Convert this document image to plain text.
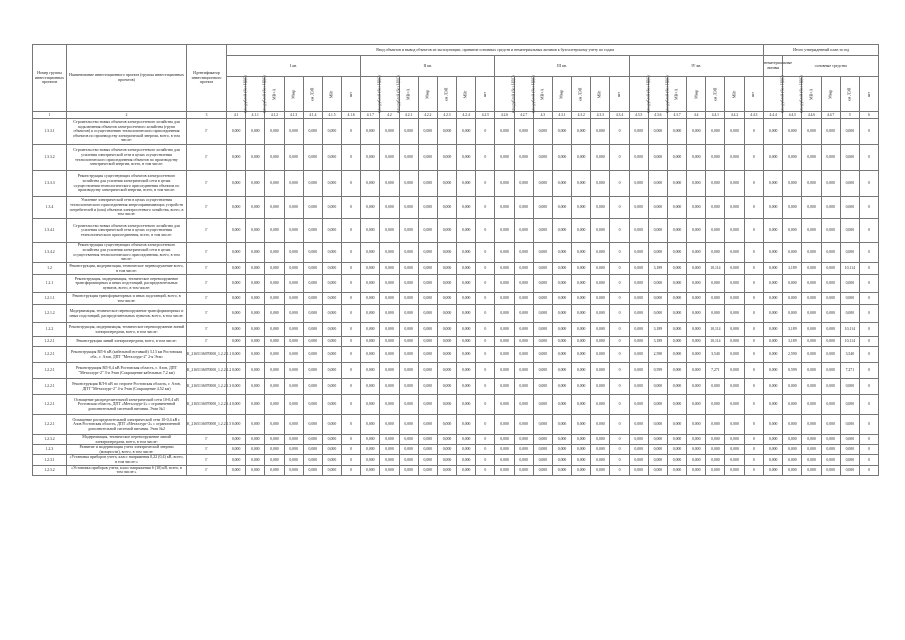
Номер группы инвестиционных проектов	Наименование инвестиционного проекта (группы инвестиционных проектов)	Идентификатор инвестиционного проекта	Ввод объектов и вывод объектов из эксплуатации, принятие основных средств и нематериальных активов к бухгалтерскому учету по годам																												Итого утвержденный план за год					
			I кв.							II кв.							III кв.							IV кв.							нематериальные активы	основные средства				
			млн рублей (без НДС)	млн рублей (без НДС)	МВ×А	Мвар	км ЛЭП	МВт	шт	млн рублей (без НДС)	млн рублей (без НДС)	МВ×А	Мвар	км ЛЭП	МВт	шт	млн рублей (без НДС)	млн рублей (без НДС)	МВ×А	Мвар	км ЛЭП	МВт	шт	млн рублей (без НДС)	млн рублей (без НДС)	МВ×А	Мвар	км ЛЭП	МВт	шт	млн рублей (без НДС)	млн рублей (без НДС)	МВ×А	Мвар	км ЛЭП	шт
1	2	3	4.1	4.1.1	4.1.2	4.1.3	4.1.4	4.1.5	4.1.6	4.1.7	4.2	4.2.1	4.2.2	4.2.3	4.2.4	4.2.5	4.2.6	4.2.7	4.3	4.3.1	4.3.2	4.3.3	4.3.4	4.3.5	4.3.6	4.3.7	4.4	4.4.1	4.4.2	4.4.3	4.4.4	4.4.5	4.4.6	4.4.7	5	6
1.3.3.1	Строительство новых объектов электросетевого хозяйства для подключения объектов электросетевого хозяйства (групп объектов) к осуществлению технологического присоединения объектов по производству электрической энергии, всего, в том числе:	Г	0,000	0,000	0,000	0,000	0,000	0,000	0	0,000	0,000	0,000	0,000	0,000	0,000	0	0,000	0,000	0,000	0,000	0,000	0,000	0	0,000	0,000	0,000	0,000	0,000	0,000	0	0,000	0,000	0,000	0,000	0,000	0
1.3.3.2	Строительство новых объектов электросетевого хозяйства для усиления электрической сети в целях осуществления технологического присоединения объектов по производству электрической энергии, всего, в том числе:	Г	0,000	0,000	0,000	0,000	0,000	0,000	0	0,000	0,000	0,000	0,000	0,000	0,000	0	0,000	0,000	0,000	0,000	0,000	0,000	0	0,000	0,000	0,000	0,000	0,000	0,000	0	0,000	0,000	0,000	0,000	0,000	0
1.3.3.3	Реконструкция существующих объектов электросетевого хозяйства для усиления электрической сети в целях осуществления технологического присоединения объектов по производству электрической энергии, всего, в том числе:	Г	0,000	0,000	0,000	0,000	0,000	0,000	0	0,000	0,000	0,000	0,000	0,000	0,000	0	0,000	0,000	0,000	0,000	0,000	0,000	0	0,000	0,000	0,000	0,000	0,000	0,000	0	0,000	0,000	0,000	0,000	0,000	0
1.3.4	Усиление электрической сети в целях осуществления технологического присоединения энергопринимающих устройств потребителей и (или) объектов электросетевого хозяйства, всего, в том числе:	Г	0,000	0,000	0,000	0,000	0,000	0,000	0	0,000	0,000	0,000	0,000	0,000	0,000	0	0,000	0,000	0,000	0,000	0,000	0,000	0	0,000	0,000	0,000	0,000	0,000	0,000	0	0,000	0,000	0,000	0,000	0,000	0
1.3.4.1	Строительство новых объектов электросетевого хозяйства для усиления электрической сети в целях осуществления технологического присоединения, всего, в том числе:	Г	0,000	0,000	0,000	0,000	0,000	0,000	0	0,000	0,000	0,000	0,000	0,000	0,000	0	0,000	0,000	0,000	0,000	0,000	0,000	0	0,000	0,000	0,000	0,000	0,000	0,000	0	0,000	0,000	0,000	0,000	0,000	0
1.3.4.2	Реконструкция существующих объектов электросетевого хозяйства для усиления электрической сети в целях осуществления технологического присоединения, всего, в том числе:	Г	0,000	0,000	0,000	0,000	0,000	0,000	0	0,000	0,000	0,000	0,000	0,000	0,000	0	0,000	0,000	0,000	0,000	0,000	0,000	0	0,000	0,000	0,000	0,000	0,000	0,000	0	0,000	0,000	0,000	0,000	0,000	0
1.2	Реконструкция, модернизация, техническое перевооружение всего, в том числе:	Г	0,000	0,000	0,000	0,000	0,000	0,000	0	0,000	0,000	0,000	0,000	0,000	0,000	0	0,000	0,000	0,000	0,000	0,000	0,000	0	0,000	3,189	0,000	0,000	10,114	0,000	0	0,000	3,189	0,000	0,000	10,114	0
1.2.1	Реконструкция, модернизация, техническое перевооружение трансформаторных и иных подстанций, распределительных пунктов, всего, в том числе:	Г	0,000	0,000	0,000	0,000	0,000	0,000	0	0,000	0,000	0,000	0,000	0,000	0,000	0	0,000	0,000	0,000	0,000	0,000	0,000	0	0,000	0,000	0,000	0,000	0,000	0,000	0	0,000	0,000	0,000	0,000	0,000	0
1.2.1.1	Реконструкция трансформаторных и иных подстанций, всего, в том числе:	Г	0,000	0,000	0,000	0,000	0,000	0,000	0	0,000	0,000	0,000	0,000	0,000	0,000	0	0,000	0,000	0,000	0,000	0,000	0,000	0	0,000	0,000	0,000	0,000	0,000	0,000	0	0,000	0,000	0,000	0,000	0,000	0
1.2.1.2	Модернизация, техническое перевооружение трансформаторных и иных подстанций, распределительных пунктов, всего, в том числе:	Г	0,000	0,000	0,000	0,000	0,000	0,000	0	0,000	0,000	0,000	0,000	0,000	0,000	0	0,000	0,000	0,000	0,000	0,000	0,000	0	0,000	0,000	0,000	0,000	0,000	0,000	0	0,000	0,000	0,000	0,000	0,000	0
1.2.2	Реконструкция, модернизация, техническое перевооружение линий электропередачи, всего, в том числе:	Г	0,000	0,000	0,000	0,000	0,000	0,000	0	0,000	0,000	0,000	0,000	0,000	0,000	0	0,000	0,000	0,000	0,000	0,000	0,000	0	0,000	3,189	0,000	0,000	10,114	0,000	0	0,000	3,189	0,000	0,000	10,114	0
1.2.2.1	Реконструкция линий электропередачи, всего, в том числе:	Г	0,000	0,000	0,000	0,000	0,000	0,000	0	0,000	0,000	0,000	0,000	0,000	0,000	0	0,000	0,000	0,000	0,000	0,000	0,000	0	0,000	3,189	0,000	0,000	10,114	0,000	0	0,000	3,189	0,000	0,000	10,114	0
1.2.2.1	Реконструкция ВЛ-6 кВ (кабельной вставкой) 3,13 км Ростовская обл., г. Азов, ДПТ "Металлург-2" 2-я Этап	К_2165136070000_1.2.2.1.1	0,000	0,000	0,000	0,000	0,000	0,000	0	0,000	0,000	0,000	0,000	0,000	0,000	0	0,000	0,000	0,000	0,000	0,000	0,000	0	0,000	2,590	0,000	0,000	3,540	0,000	0	0,000	2,590	0,000	0,000	3,540	0
1.2.2.1	Реконструкция ВЛ-0,4 кВ Ростовская область, г. Азов, ДПТ "Металлург-2" 3-я Этап (Сокращение кабельных 7,2 км)	К_2165136070000_1.2.2.1.2	0,000	0,000	0,000	0,000	0,000	0,000	0	0,000	0,000	0,000	0,000	0,000	0,000	0	0,000	0,000	0,000	0,000	0,000	0,000	0	0,000	0,599	0,000	0,000	7,271	0,000	0	0,000	0,599	0,000	0,000	7,271	0
1.2.2.1	Реконструкция ВЛ-6 кВ по стороне Ростовская область, г. Азов, ДПТ "Металлург-2" 4-я Этап (Сокращение 4,52 км)	К_2165136070000_1.2.2.1.3	0,000	0,000	0,000	0,000	0,000	0,000	0	0,000	0,000	0,000	0,000	0,000	0,000	0	0,000	0,000	0,000	0,000	0,000	0,000	0	0,000	0,000	0,000	0,000	0,000	0,000	0	0,000	0,000	0,000	0,000	0,000	0
1.2.2.1	Оснащение распределительной электрической сети 10-0,4 кВ Ростовская область, ДПТ «Металлург-2» с ограниченной дополнительной системой питания. Этап №1	К_2165136070000_1.2.2.1.4	0,000	0,000	0,000	0,000	0,000	0,000	0	0,000	0,000	0,000	0,000	0,000	0,000	0	0,000	0,000	0,000	0,000	0,000	0,000	0	0,000	0,000	0,000	0,000	0,000	0,000	0	0,000	0,000	0,000	0,000	0,000	0
1.2.2.1	Оснащение распределительной электрической сети 10-0,4 кВ г. Азов Ростовская область, ДПТ «Металлург-2» с ограниченной дополнительной системой питания. Этап №2	К_2165136070000_1.2.2.1.5	0,000	0,000	0,000	0,000	0,000	0,000	0	0,000	0,000	0,000	0,000	0,000	0,000	0	0,000	0,000	0,000	0,000	0,000	0,000	0	0,000	0,000	0,000	0,000	0,000	0,000	0	0,000	0,000	0,000	0,000	0,000	0
1.2.3.2	Модернизация, техническое перевооружение линий электропередачи, всего, в том числе:	Г	0,000	0,000	0,000	0,000	0,000	0,000	0	0,000	0,000	0,000	0,000	0,000	0,000	0	0,000	0,000	0,000	0,000	0,000	0,000	0	0,000	0,000	0,000	0,000	0,000	0,000	0	0,000	0,000	0,000	0,000	0,000	0
1.2.3	Развитие и модернизация учета электрической энергии (мощности), всего, в том числе:	Г	0,000	0,000	0,000	0,000	0,000	0,000	0	0,000	0,000	0,000	0,000	0,000	0,000	0	0,000	0,000	0,000	0,000	0,000	0,000	0	0,000	0,000	0,000	0,000	0,000	0,000	0	0,000	0,000	0,000	0,000	0,000	0
1.2.3.1	«Установка приборов учета, класс напряжения 0,22 (0,4) кВ, всего, в том числе:»	Г	0,000	0,000	0,000	0,000	0,000	0,000	0	0,000	0,000	0,000	0,000	0,000	0,000	0	0,000	0,000	0,000	0,000	0,000	0,000	0	0,000	0,000	0,000	0,000	0,000	0,000	0	0,000	0,000	0,000	0,000	0,000	0
1.2.3.2	«Установка приборов учета, класс напряжения 6 (10) кВ, всего, в том числе:»	Г	0,000	0,000	0,000	0,000	0,000	0,000	0	0,000	0,000	0,000	0,000	0,000	0,000	0	0,000	0,000	0,000	0,000	0,000	0,000	0	0,000	0,000	0,000	0,000	0,000	0,000	0	0,000	0,000	0,000	0,000	0,000	0
